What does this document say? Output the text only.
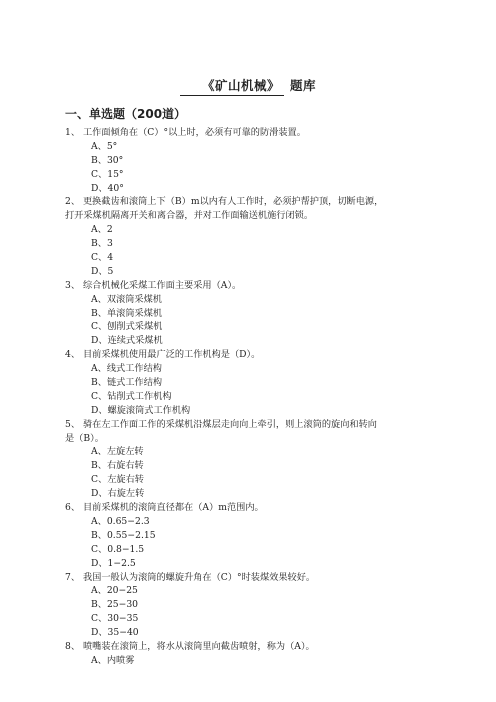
《矿山机械》 题库
一、单选题（200道）
1、 工作面倾角在（C）°以上时，必须有可靠的防滑装置。
A、5°
B、30°
C、15°
D、40°
2、 更换截齿和滚筒上下（B）m以内有人工作时，必须护帮护顶，切断电源，
打开采煤机隔离开关和离合器，并对工作面输送机施行闭锁。
A、2
B、3
C、4
D、5
3、 综合机械化采煤工作面主要采用（A）。
A、双滚筒采煤机
B、单滚筒采煤机
C、刨削式采煤机
D、连续式采煤机
4、 目前采煤机使用最广泛的工作机构是（D）。
A、线式工作结构
B、链式工作结构
C、钻削式工作机构
D、螺旋滚筒式工作机构
5、 骑在左工作面工作的采煤机沿煤层走向向上牵引，则上滚筒的旋向和转向
是（B）。
A、左旋左转
B、右旋右转
C、左旋右转
D、右旋左转
6、 目前采煤机的滚筒直径都在（A）m范围内。
A、0.65−2.3
B、0.55−2.15
C、0.8−1.5
D、1−2.5
7、 我国一般认为滚筒的螺旋升角在（C）°时装煤效果较好。
A、20−25
B、25−30
C、30−35
D、35−40
8、 喷嘴装在滚筒上，将水从滚筒里向截齿喷射，称为（A）。
A、内喷雾
